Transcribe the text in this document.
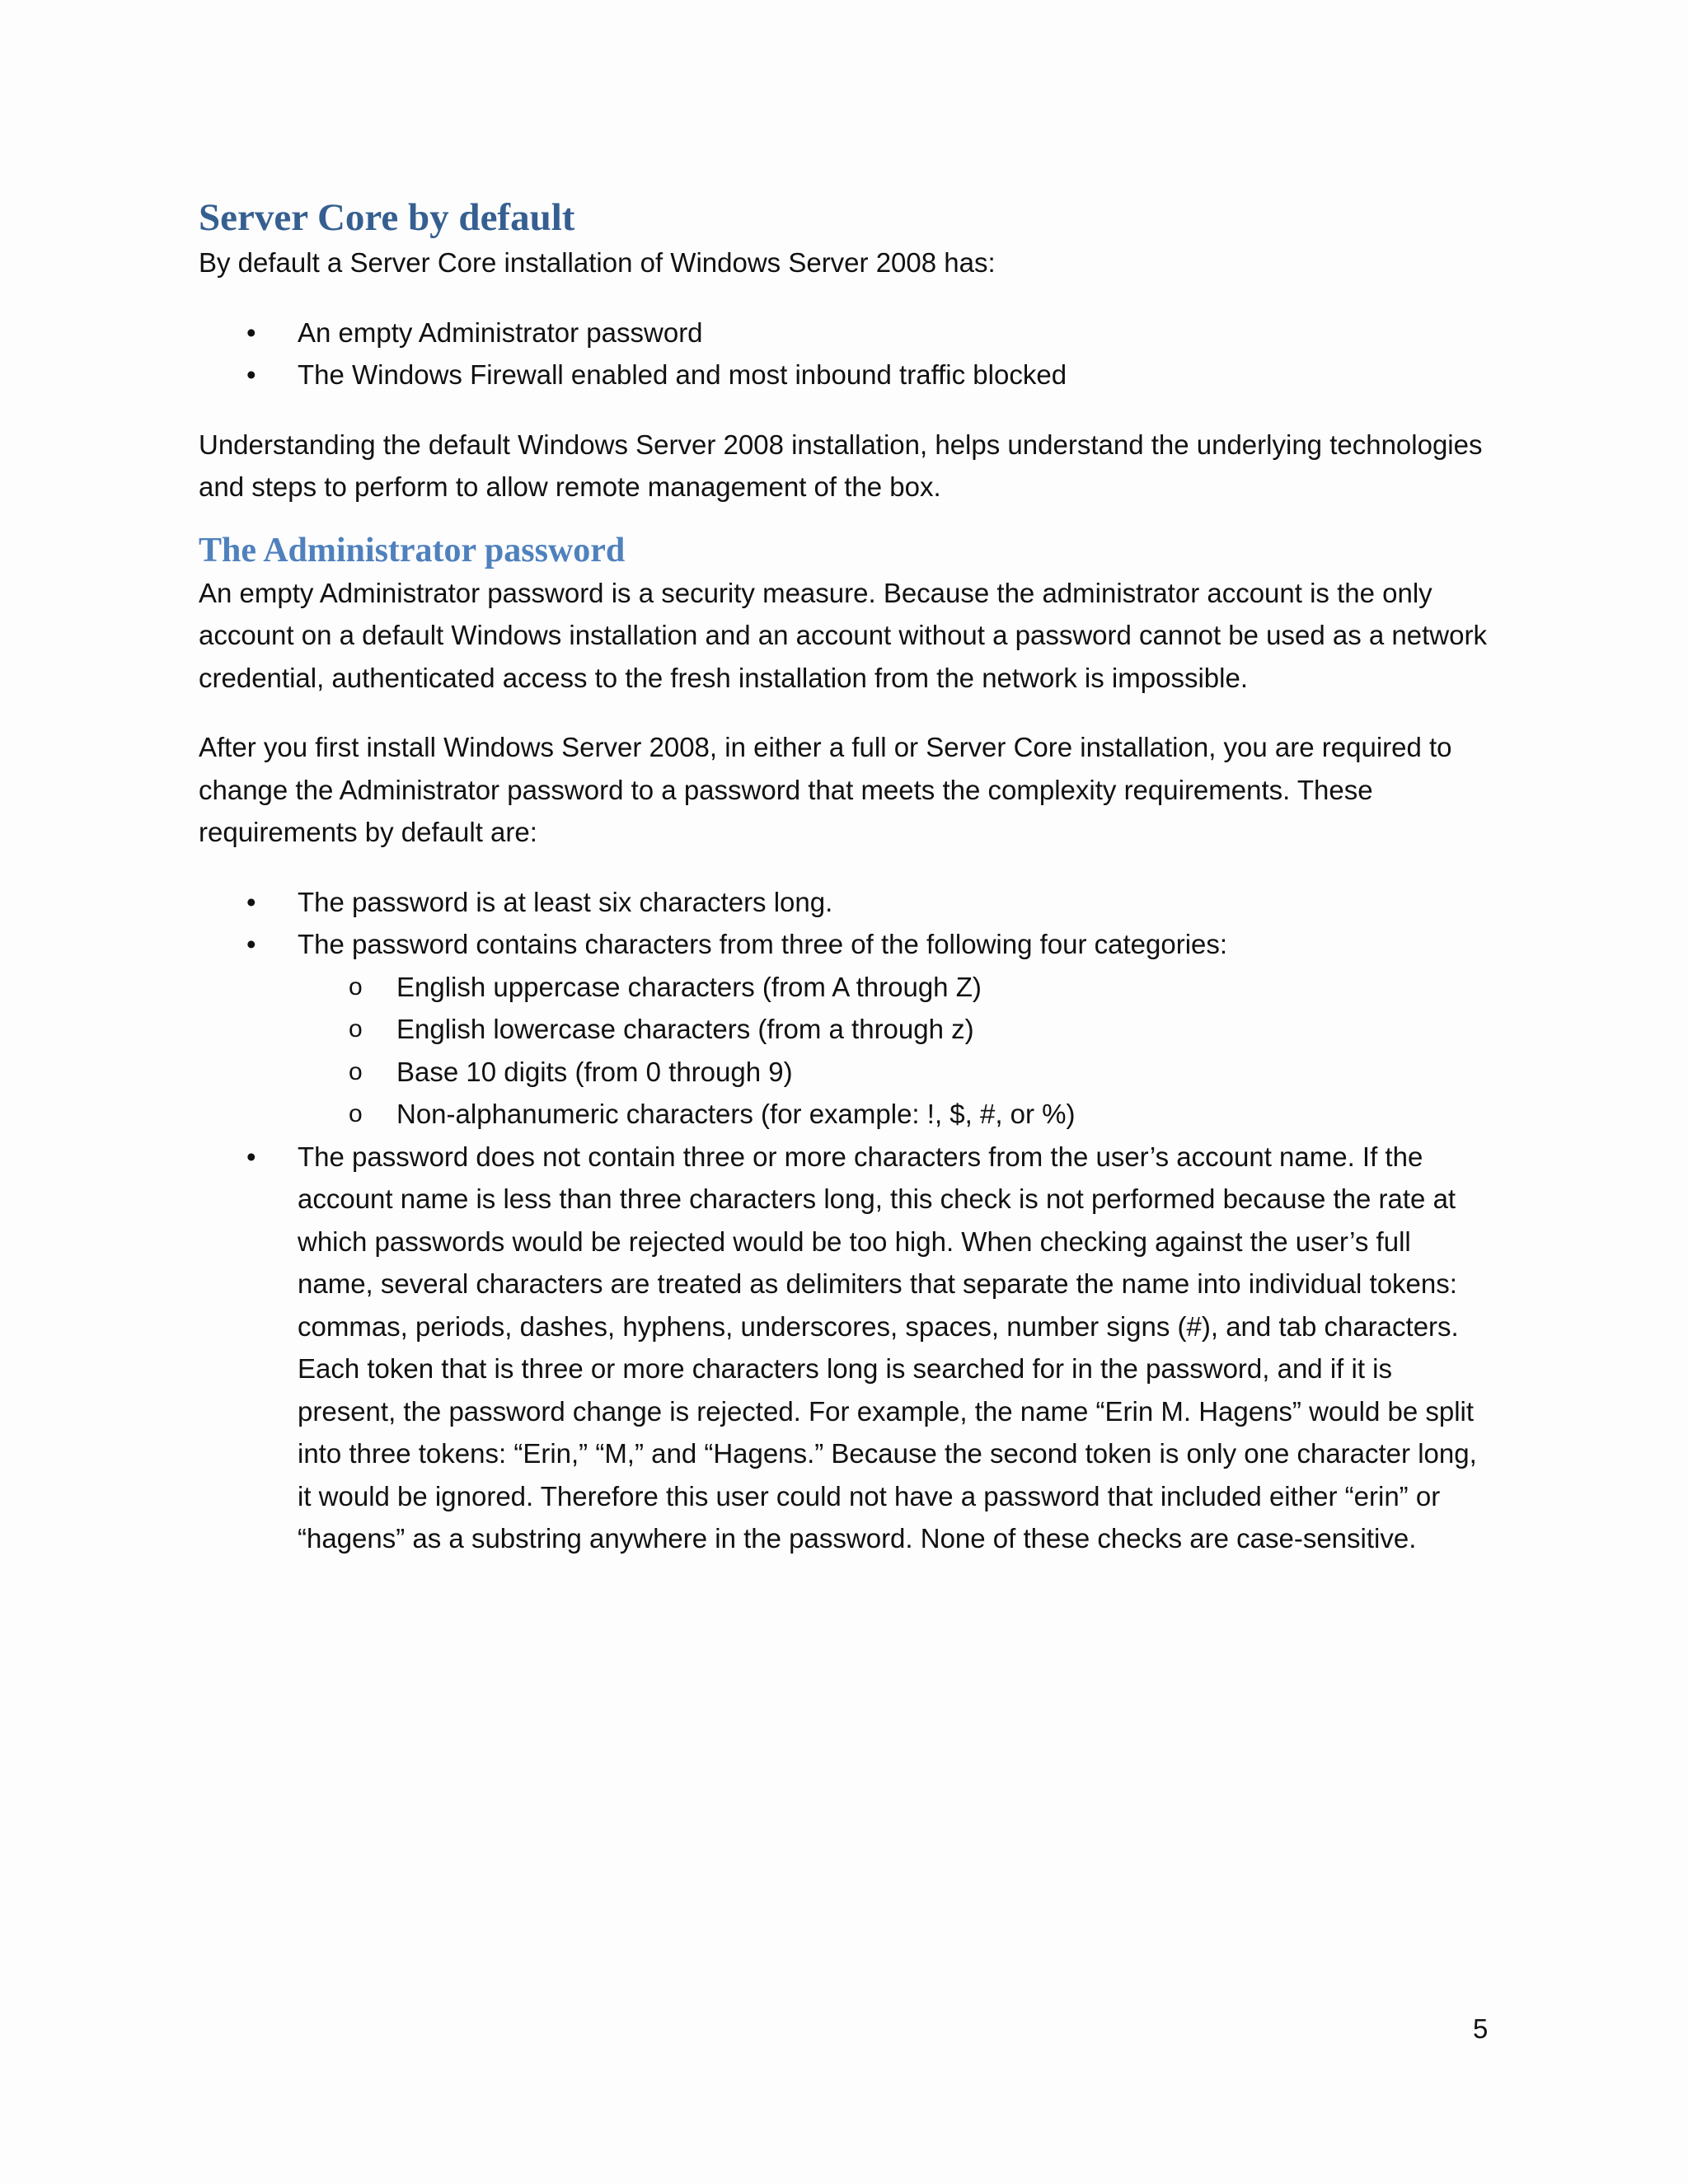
Server Core by default

By default a Server Core installation of Windows Server 2008 has:

• An empty Administrator password
• The Windows Firewall enabled and most inbound traffic blocked

Understanding the default Windows Server 2008 installation, helps understand the underlying technologies and steps to perform to allow remote management of the box.

The Administrator password

An empty Administrator password is a security measure. Because the administrator account is the only account on a default Windows installation and an account without a password cannot be used as a network credential, authenticated access to the fresh installation from the network is impossible.

After you first install Windows Server 2008, in either a full or Server Core installation, you are required to change the Administrator password to a password that meets the complexity requirements. These requirements by default are:

• The password is at least six characters long.
• The password contains characters from three of the following four categories:
o English uppercase characters (from A through Z)
o English lowercase characters (from a through z)
o Base 10 digits (from 0 through 9)
o Non-alphanumeric characters (for example: !, $, #, or %)
• The password does not contain three or more characters from the user’s account name. If the account name is less than three characters long, this check is not performed because the rate at which passwords would be rejected would be too high. When checking against the user’s full name, several characters are treated as delimiters that separate the name into individual tokens: commas, periods, dashes, hyphens, underscores, spaces, number signs (#), and tab characters. Each token that is three or more characters long is searched for in the password, and if it is present, the password change is rejected. For example, the name “Erin M. Hagens” would be split into three tokens: “Erin,” “M,” and “Hagens.” Because the second token is only one character long, it would be ignored. Therefore this user could not have a password that included either “erin” or “hagens” as a substring anywhere in the password. None of these checks are case-sensitive.
5
